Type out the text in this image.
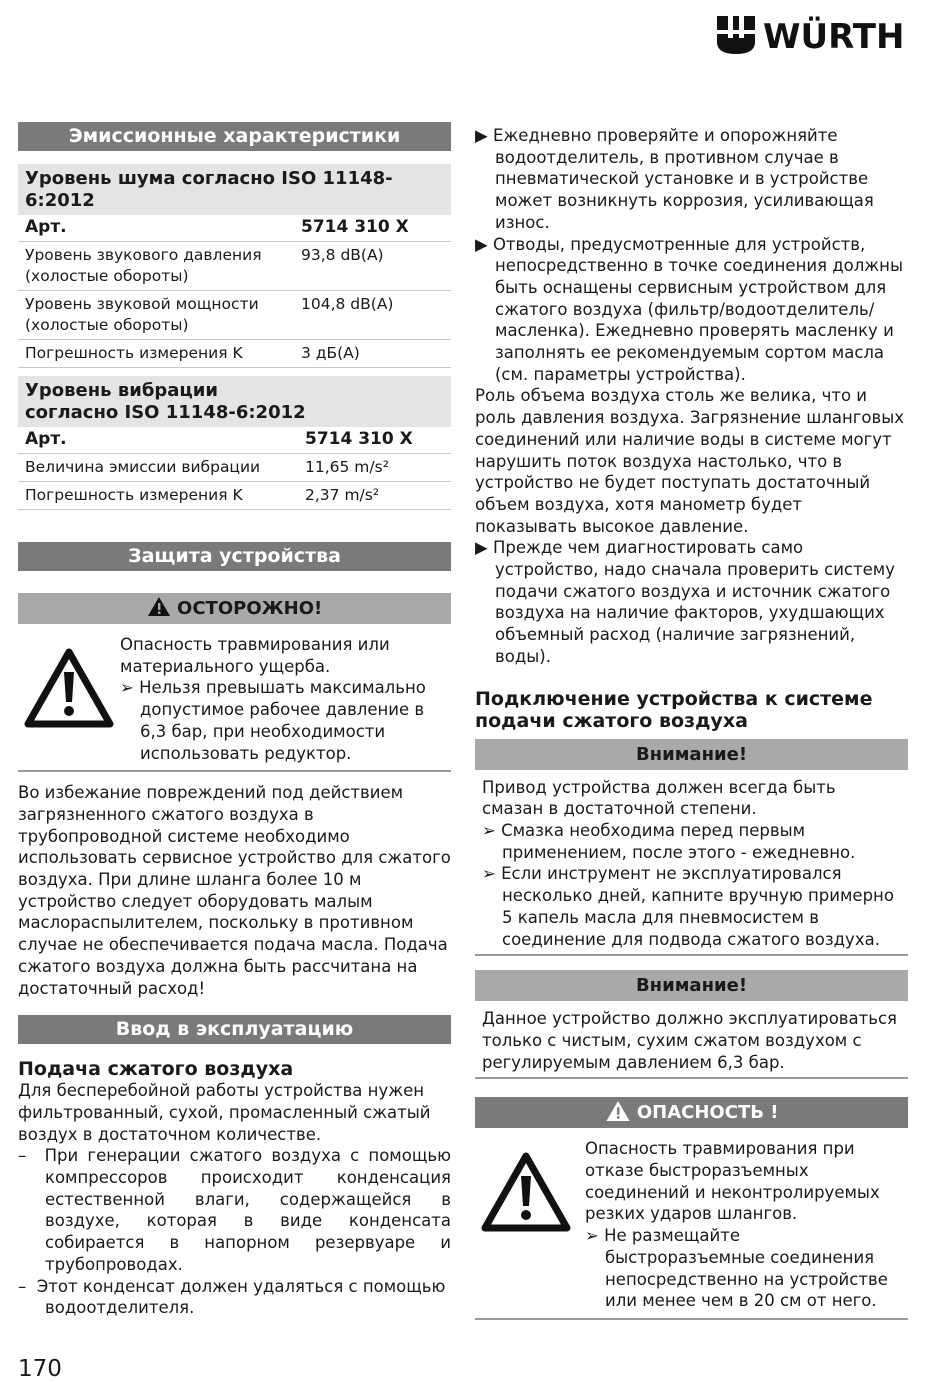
WÜRTH
Эмиссионные характеристики
Уровень шума согласно ISO 11148-6:2012
Арт.	5714 310 X
Уровень звукового давления (холостые обороты)	93,8 dB(A)
Уровень звуковой мощности (холостые обороты)	104,8 dB(A)
Погрешность измерения K	3 дБ(A)
Уровень вибрации согласно ISO 11148-6:2012
Арт.	5714 310 X
Величина эмиссии вибрации	11,65 m/s²
Погрешность измерения K	2,37 m/s²
Защита устройства
ОСТОРОЖНО!
Опасность травмирования или материального ущерба.
➢ Нельзя превышать максимально допустимое рабочее давление в 6,3 бар, при необходимости использовать редуктор.
Во избежание повреждений под действием загрязненного сжатого воздуха в трубопроводной системе необходимо использовать сервисное устройство для сжатого воздуха. При длине шланга более 10 м устройство следует оборудовать малым маслораспылителем, поскольку в противном случае не обеспечивается подача масла. Подача сжатого воздуха должна быть рассчитана на достаточный расход!
Ввод в эксплуатацию
Подача сжатого воздуха
Для бесперебойной работы устройства нужен фильтрованный, сухой, промасленный сжатый воздух в достаточном количестве.
–  При генерации сжатого воздуха с помощью компрессоров происходит конденсация естественной влаги, содержащейся в воздухе, которая в виде конденсата собирается в напорном резервуаре и трубопроводах.
–  Этот конденсат должен удаляться с помощью водоотделителя.
▶ Ежедневно проверяйте и опорожняйте водоотделитель, в противном случае в пневматической установке и в устройстве может возникнуть коррозия, усиливающая износ.
▶ Отводы, предусмотренные для устройств, непосредственно в точке соединения должны быть оснащены сервисным устройством для сжатого воздуха (фильтр/водоотделитель/масленка). Ежедневно проверять масленку и заполнять ее рекомендуемым сортом масла (см. параметры устройства).
Роль объема воздуха столь же велика, что и роль давления воздуха. Загрязнение шланговых соединений или наличие воды в системе могут нарушить поток воздуха настолько, что в устройство не будет поступать достаточный объем воздуха, хотя манометр будет показывать высокое давление.
▶ Прежде чем диагностировать само устройство, надо сначала проверить систему подачи сжатого воздуха и источник сжатого воздуха на наличие факторов, ухудшающих объемный расход (наличие загрязнений, воды).
Подключение устройства к системе подачи сжатого воздуха
Внимание!
Привод устройства должен всегда быть смазан в достаточной степени.
➢ Смазка необходима перед первым применением, после этого - ежедневно.
➢ Если инструмент не эксплуатировался несколько дней, капните вручную примерно 5 капель масла для пневмосистем в соединение для подвода сжатого воздуха.
Внимание!
Данное устройство должно эксплуатироваться только с чистым, сухим сжатом воздухом с регулируемым давлением 6,3 бар.
ОПАСНОСТЬ !
Опасность травмирования при отказе быстроразъемных соединений и неконтролируемых резких ударов шлангов.
➢ Не размещайте быстроразъемные соединения непосредственно на устройстве или менее чем в 20 см от него.
170
